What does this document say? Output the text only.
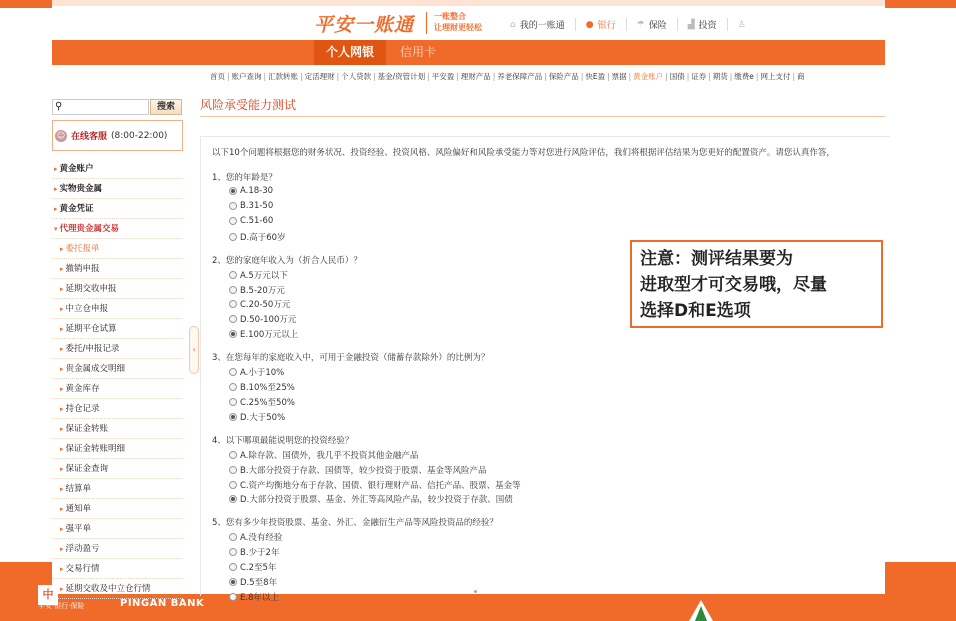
平安一账通 一账整合
让理财更轻松	⌂ 我的一账通 ● 银行 ☂ 保险 ▟ 投资 ♙
个人网银	信用卡
首页 | 账户查询 | 汇款转账 | 定活理财 | 个人贷款 | 基金/资管计划 | 平安盈 | 理财产品 | 养老保障产品 | 保险产品 | 快E盈 | 票据 | 黄金账户 | 国债 | 证券 | 期货 | 缴费e | 网上支付 | 商
⚲	搜索
☺ 在线客服 (8:00-22:00)
▸ 黄金账户
▸ 实物贵金属
▸ 黄金凭证
▾ 代理贵金属交易
▸ 委托报单
▸ 撤销申报
▸ 延期交收申报
▸ 中立仓申报
▸ 延期平仓试算
▸ 委托/申报记录
▸ 贵金属成交明细
▸ 黄金库存
▸ 持仓记录
▸ 保证金转账
▸ 保证金转账明细
▸ 保证金查询
▸ 结算单
▸ 通知单
▸ 强平单
▸ 浮动盈亏
▸ 交易行情
▸ 延期交收及中立仓行情
‹
风险承受能力测试
以下10个问题将根据您的财务状况、投资经验、投资风格、风险偏好和风险承受能力等对您进行风险评估，我们将根据评估结果为您更好的配置资产。请您认真作答，
1、您的年龄是？
A.18-30
B.31-50
C.51-60
D.高于60岁
2、您的家庭年收入为（折合人民币）？
A.5万元以下
B.5-20万元
C.20-50万元
D.50-100万元
E.100万元以上
3、在您每年的家庭收入中，可用于金融投资（储蓄存款除外）的比例为？
A.小于10%
B.10%至25%
C.25%至50%
D.大于50%
4、以下哪项最能说明您的投资经验？
A.除存款、国债外，我几乎不投资其他金融产品
B.大部分投资于存款、国债等，较少投资于股票、基金等风险产品
C.资产均衡地分布于存款、国债、银行理财产品、信托产品、股票、基金等
D.大部分投资于股票、基金、外汇等高风险产品，较少投资于存款、国债
5、您有多少年投资股票、基金、外汇、金融衍生产品等风险投资品的经验？
A.没有经验
B.少于2年
C.2至5年
D.5至8年
E.8年以上
注意：测评结果要为
进取型才可交易哦，尽量
选择D和E选项
中
平安·银行·保险	PINGAN BANK
